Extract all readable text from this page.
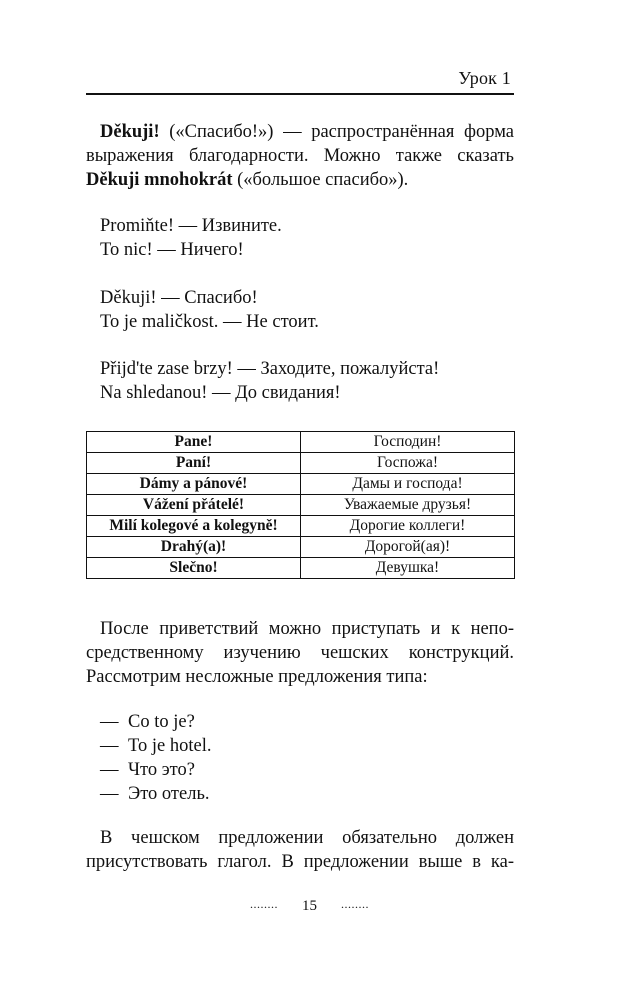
Урок 1
Děkuji! («Спасибо!») — распространённая форма
выражения благодарности. Можно также сказать
Děkuji mnohokrát («большое спасибо»).
Promiňte! — Извините.
To nic! — Ничего!
Děkuji! — Спасибо!
To je maličkost. — Не стоит.
Přijd'te zase brzy! — Заходите, пожалуйста!
Na shledanou! — До свидания!
Pane!	Господин!
Paní!	Госпожа!
Dámy a pánové!	Дамы и господа!
Vážení přátelé!	Уважаемые друзья!
Milí kolegové a kolegyně!	Дорогие коллеги!
Drahý(a)!	Дорогой(ая)!
Slečno!	Девушка!
После приветствий можно приступать и к непо-
средственному изучению чешских конструкций.
Рассмотрим несложные предложения типа:
— Co to je?
— To je hotel.
— Что это?
— Это отель.
В чешском предложении обязательно должен
присутствовать глагол. В предложении выше в ка-
........ 15 ........
